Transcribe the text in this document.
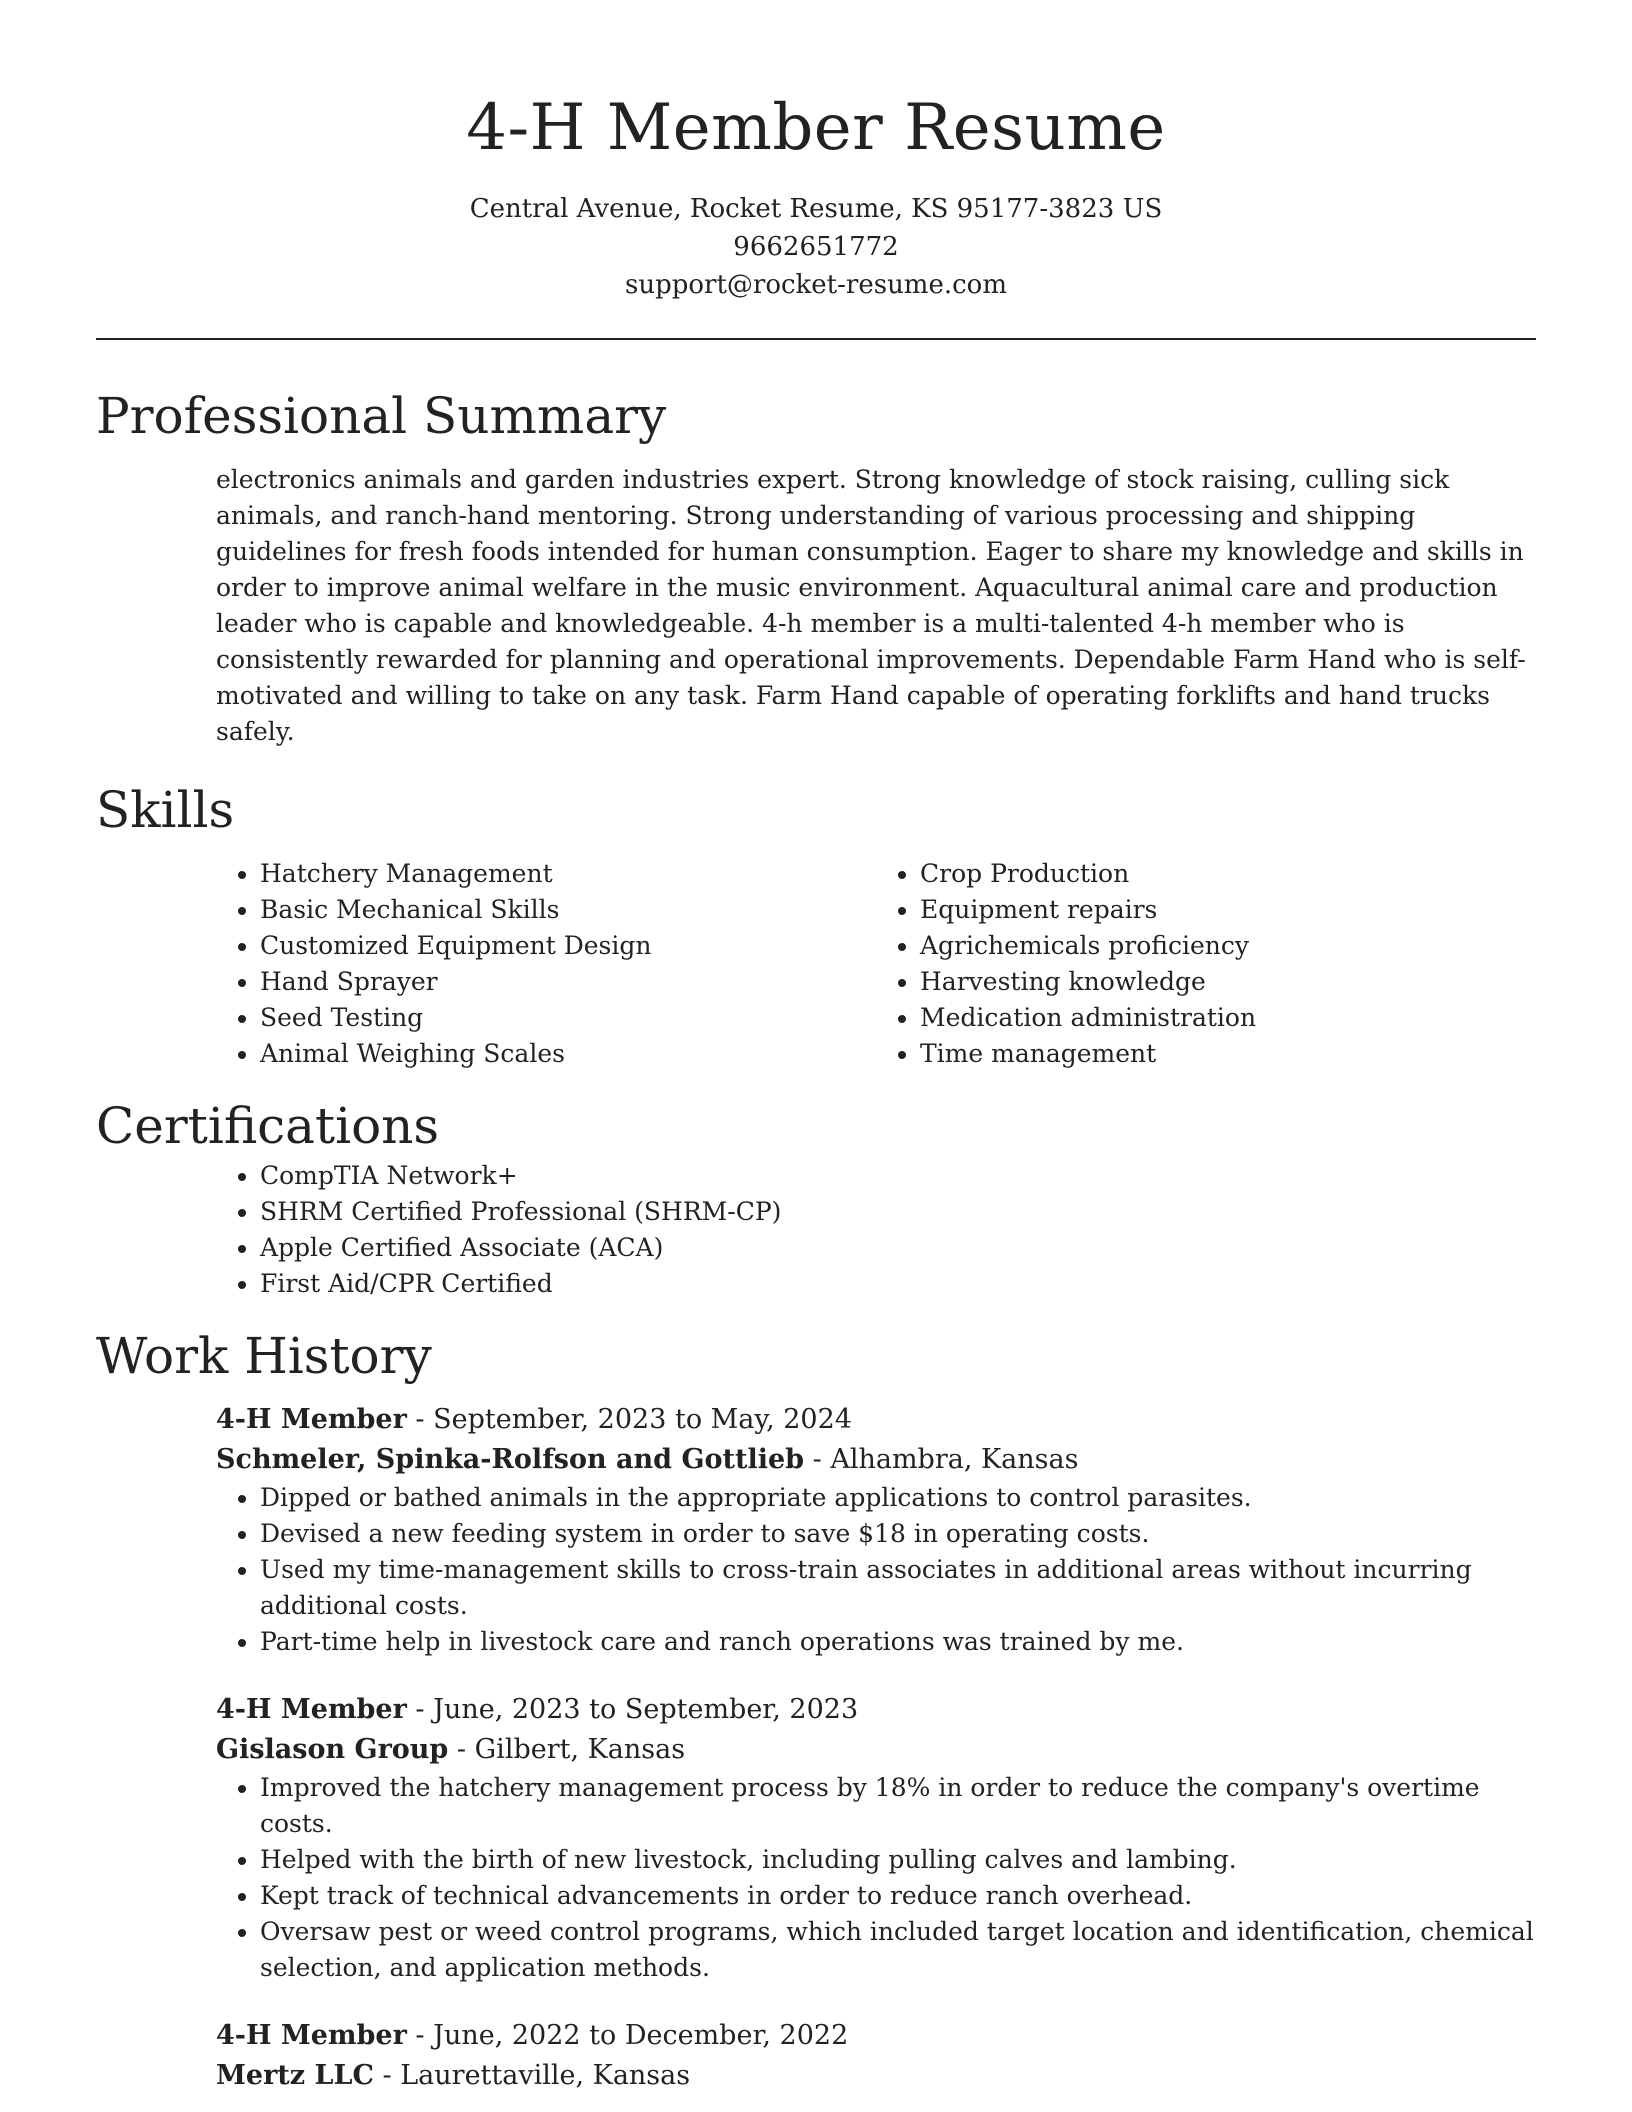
4-H Member Resume

Central Avenue, Rocket Resume, KS 95177-3823 US

9662651772

support@rocket-resume.com

Professional Summary

electronics animals and garden industries expert. Strong knowledge of stock raising, culling sick animals, and ranch-hand mentoring. Strong understanding of various processing and shipping guidelines for fresh foods intended for human consumption. Eager to share my knowledge and skills in order to improve animal welfare in the music environment. Aquacultural animal care and production leader who is capable and knowledgeable. 4-h member is a multi-talented 4-h member who is consistently rewarded for planning and operational improvements. Dependable Farm Hand who is self-motivated and willing to take on any task. Farm Hand capable of operating forklifts and hand trucks safely.

Skills
• Hatchery Management
• Basic Mechanical Skills
• Customized Equipment Design
• Hand Sprayer
• Seed Testing
• Animal Weighing Scales
• Crop Production
• Equipment repairs
• Agrichemicals proficiency
• Harvesting knowledge
• Medication administration
• Time management
Certifications
• CompTIA Network+
• SHRM Certified Professional (SHRM-CP)
• Apple Certified Associate (ACA)
• First Aid/CPR Certified
Work History

4-H Member - September, 2023 to May, 2024

Schmeler, Spinka-Rolfson and Gottlieb - Alhambra, Kansas

• Dipped or bathed animals in the appropriate applications to control parasites.
• Devised a new feeding system in order to save $18 in operating costs.
• Used my time-management skills to cross-train associates in additional areas without incurring additional costs.
• Part-time help in livestock care and ranch operations was trained by me.

4-H Member - June, 2023 to September, 2023

Gislason Group - Gilbert, Kansas

• Improved the hatchery management process by 18% in order to reduce the company's overtime costs.
• Helped with the birth of new livestock, including pulling calves and lambing.
• Kept track of technical advancements in order to reduce ranch overhead.
• Oversaw pest or weed control programs, which included target location and identification, chemical selection, and application methods.

4-H Member - June, 2022 to December, 2022

Mertz LLC - Laurettaville, Kansas
